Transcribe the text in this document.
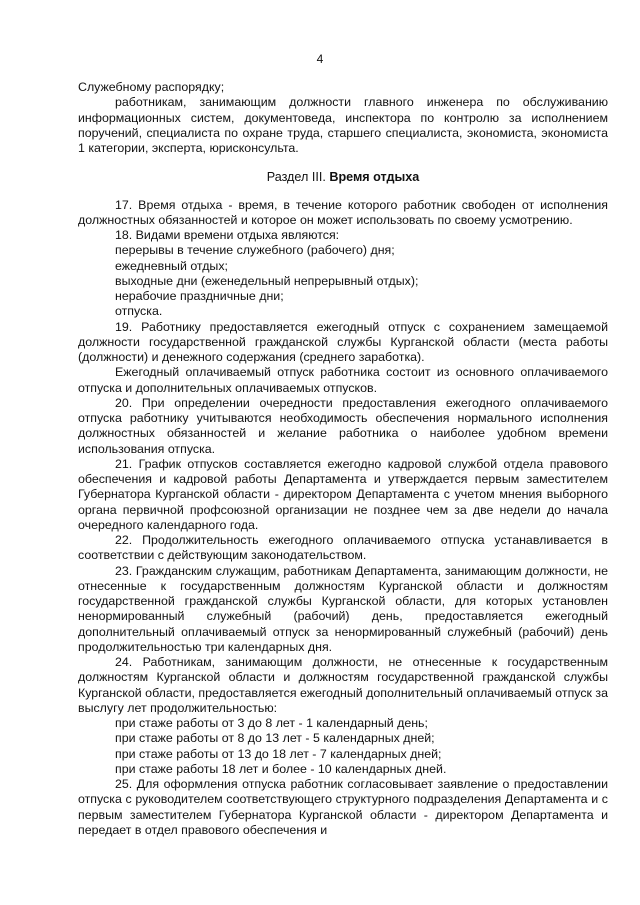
4

Служебному распорядку;

работникам, занимающим должности главного инженера по обслуживанию информационных систем, документоведа, инспектора по контролю за исполнением поручений, специалиста по охране труда, старшего специалиста, экономиста, экономиста 1 категории, эксперта, юрисконсульта.

Раздел III. Время отдыха

17. Время отдыха - время, в течение которого работник свободен от исполнения должностных обязанностей и которое он может использовать по своему усмотрению.

18. Видами времени отдыха являются:

перерывы в течение служебного (рабочего) дня;

ежедневный отдых;

выходные дни (еженедельный непрерывный отдых);

нерабочие праздничные дни;

отпуска.

19. Работнику предоставляется ежегодный отпуск с сохранением замещаемой должности государственной гражданской службы Курганской области (места работы (должности) и денежного содержания (среднего заработка).

Ежегодный оплачиваемый отпуск работника состоит из основного оплачиваемого отпуска и дополнительных оплачиваемых отпусков.

20. При определении очередности предоставления ежегодного оплачиваемого отпуска работнику учитываются необходимость обеспечения нормального исполнения должностных обязанностей и желание работника о наиболее удобном времени использования отпуска.

21. График отпусков составляется ежегодно кадровой службой отдела правового обеспечения и кадровой работы Департамента и утверждается первым заместителем Губернатора Курганской области - директором Департамента с учетом мнения выборного органа первичной профсоюзной организации не позднее чем за две недели до начала очередного календарного года.

22. Продолжительность ежегодного оплачиваемого отпуска устанавливается в соответствии с действующим законодательством.

23. Гражданским служащим, работникам Департамента, занимающим должности, не отнесенные к государственным должностям Курганской области и должностям государственной гражданской службы Курганской области, для которых установлен ненормированный служебный (рабочий) день, предоставляется ежегодный дополнительный оплачиваемый отпуск за ненормированный служебный (рабочий) день продолжительностью три календарных дня.

24. Работникам, занимающим должности, не отнесенные к государственным должностям Курганской области и должностям государственной гражданской службы Курганской области, предоставляется ежегодный дополнительный оплачиваемый отпуск за выслугу лет продолжительностью:

при стаже работы от 3 до 8 лет - 1 календарный день;

при стаже работы от 8 до 13 лет - 5 календарных дней;

при стаже работы от 13 до 18 лет - 7 календарных дней;

при стаже работы 18 лет и более - 10 календарных дней.

25. Для оформления отпуска работник согласовывает заявление о предоставлении отпуска с руководителем соответствующего структурного подразделения Департамента и с первым заместителем Губернатора Курганской области - директором Департамента и передает в отдел правового обеспечения и
